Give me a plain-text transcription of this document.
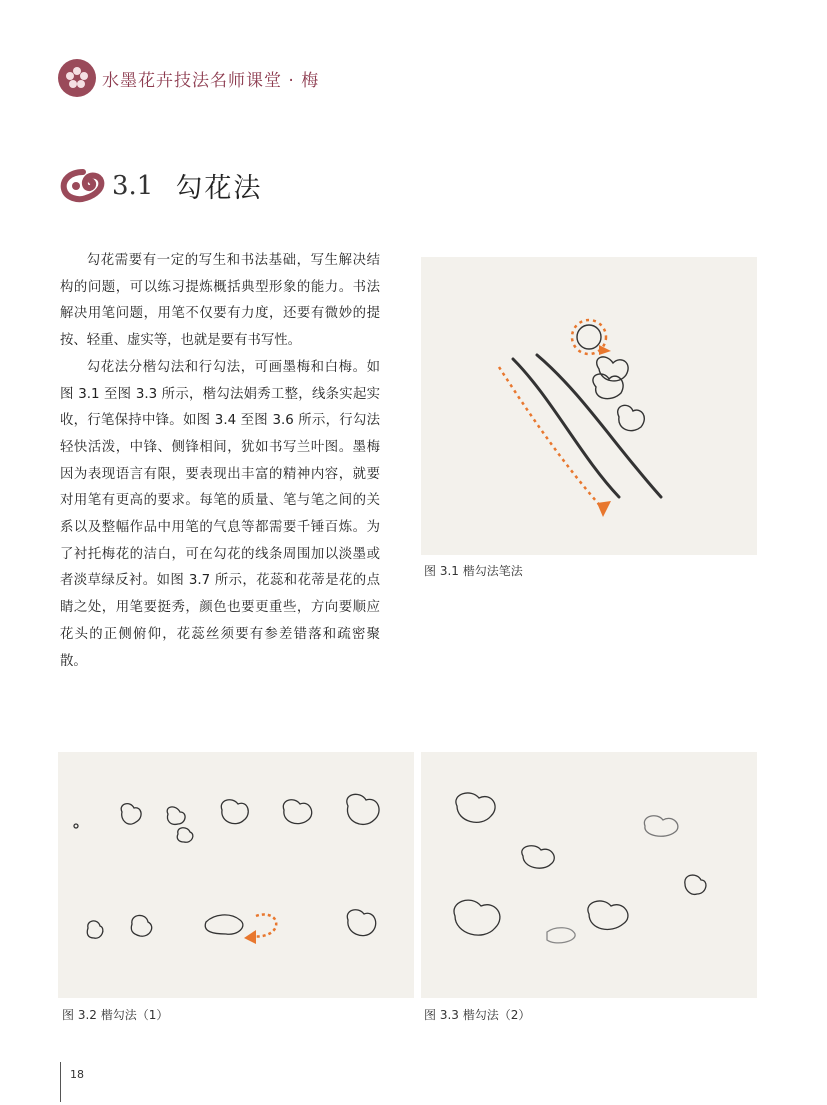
水墨花卉技法名师课堂 · 梅
3.1 勾花法

勾花需要有一定的写生和书法基础，写生解决结构的问题，可以练习提炼概括典型形象的能力。书法解决用笔问题，用笔不仅要有力度，还要有微妙的提按、轻重、虚实等，也就是要有书写性。

勾花法分楷勾法和行勾法，可画墨梅和白梅。如图 3.1 至图 3.3 所示，楷勾法娟秀工整，线条实起实收，行笔保持中锋。如图 3.4 至图 3.6 所示，行勾法轻快活泼，中锋、侧锋相间，犹如书写兰叶图。墨梅因为表现语言有限，要表现出丰富的精神内容，就要对用笔有更高的要求。每笔的质量、笔与笔之间的关系以及整幅作品中用笔的气息等都需要千锤百炼。为了衬托梅花的洁白，可在勾花的线条周围加以淡墨或者淡草绿反衬。如图 3.7 所示，花蕊和花蒂是花的点睛之处，用笔要挺秀，颜色也要更重些，方向要顺应花头的正侧俯仰，花蕊丝须要有参差错落和疏密聚散。

图 3.1 楷勾法笔法
图 3.2 楷勾法（1）	图 3.3 楷勾法（2）
18
